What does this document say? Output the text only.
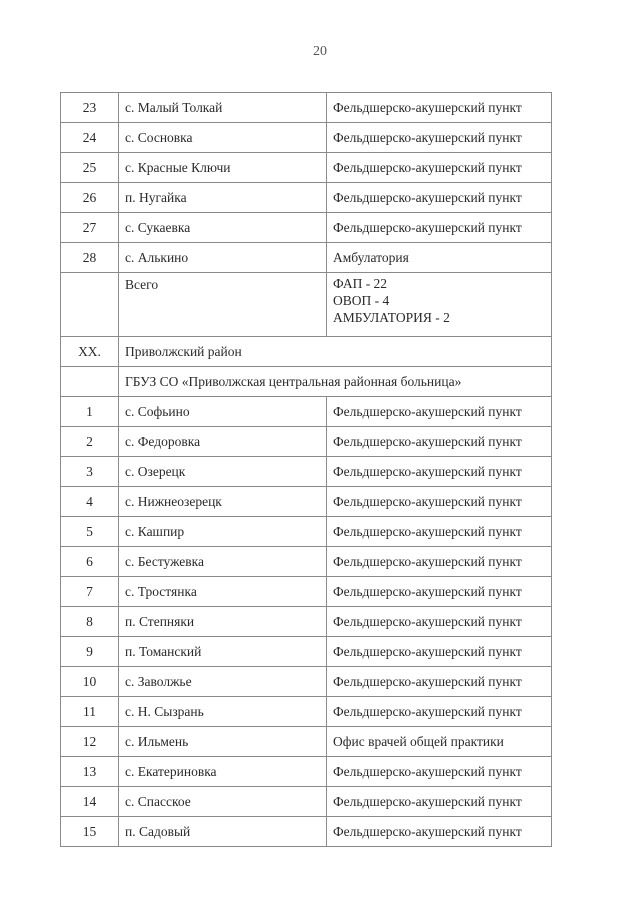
20
23	с. Малый Толкай	Фельдшерско-акушерский пункт
24	с. Сосновка	Фельдшерско-акушерский пункт
25	с. Красные Ключи	Фельдшерско-акушерский пункт
26	п. Нугайка	Фельдшерско-акушерский пункт
27	с. Сукаевка	Фельдшерско-акушерский пункт
28	с. Алькино	Амбулатория
	Всего	ФАП - 22
ОВОП - 4
АМБУЛАТОРИЯ - 2

XX.	Приволжский район	
	ГБУЗ СО «Приволжская центральная районная больница»	
1	с. Софьино	Фельдшерско-акушерский пункт
2	с. Федоровка	Фельдшерско-акушерский пункт
3	с. Озерецк	Фельдшерско-акушерский пункт
4	с. Нижнеозерецк	Фельдшерско-акушерский пункт
5	с. Кашпир	Фельдшерско-акушерский пункт
6	с. Бестужевка	Фельдшерско-акушерский пункт
7	с. Тростянка	Фельдшерско-акушерский пункт
8	п. Степняки	Фельдшерско-акушерский пункт
9	п. Томанский	Фельдшерско-акушерский пункт
10	с. Заволжье	Фельдшерско-акушерский пункт
11	с. Н. Сызрань	Фельдшерско-акушерский пункт
12	с. Ильмень	Офис врачей общей практики
13	с. Екатериновка	Фельдшерско-акушерский пункт
14	с. Спасское	Фельдшерско-акушерский пункт
15	п. Садовый	Фельдшерско-акушерский пункт
